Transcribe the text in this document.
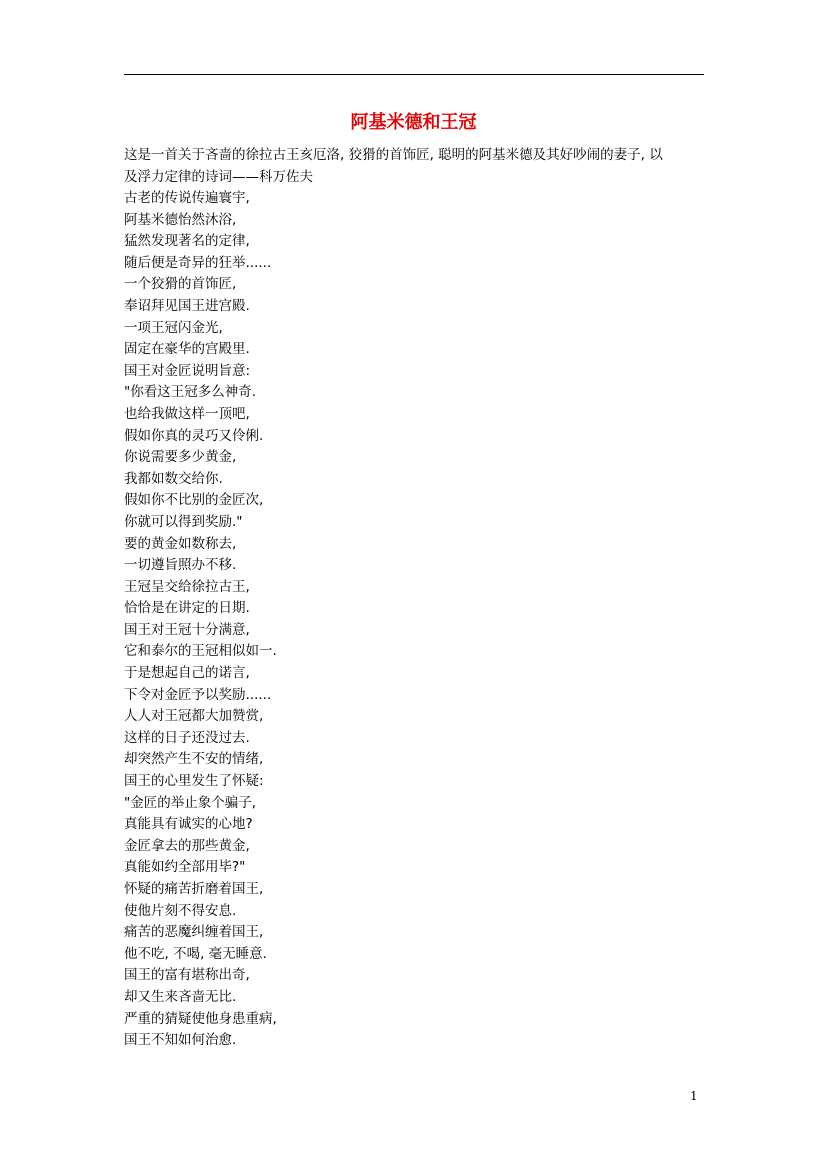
阿基米德和王冠
这是一首关于吝啬的徐拉古王亥厄洛, 狡猾的首饰匠, 聪明的阿基米德及其好吵闹的妻子, 以
及浮力定律的诗词——科万佐夫
古老的传说传遍寰宇,
阿基米德怡然沐浴,
猛然发现著名的定律,
随后便是奇异的狂举......
一个狡猾的首饰匠,
奉诏拜见国王进宫殿.
一项王冠闪金光,
固定在豪华的宫殿里.
国王对金匠说明旨意:
"你看这王冠多么神奇.
也给我做这样一顶吧,
假如你真的灵巧又伶俐.
你说需要多少黄金,
我都如数交给你.
假如你不比别的金匠次,
你就可以得到奖励."
要的黄金如数称去,
一切遵旨照办不移.
王冠呈交给徐拉古王,
恰恰是在讲定的日期.
国王对王冠十分满意,
它和泰尔的王冠相似如一.
于是想起自己的诺言,
下令对金匠予以奖励......
人人对王冠都大加赞赏,
这样的日子还没过去.
却突然产生不安的情绪,
国王的心里发生了怀疑:
"金匠的举止象个骗子,
真能具有诚实的心地?
金匠拿去的那些黄金,
真能如约全部用毕?"
怀疑的痛苦折磨着国王,
使他片刻不得安息.
痛苦的恶魔纠缠着国王,
他不吃, 不喝, 毫无睡意.
国王的富有堪称出奇,
却又生来吝啬无比.
严重的猜疑使他身患重病,
国王不知如何治愈.
1
